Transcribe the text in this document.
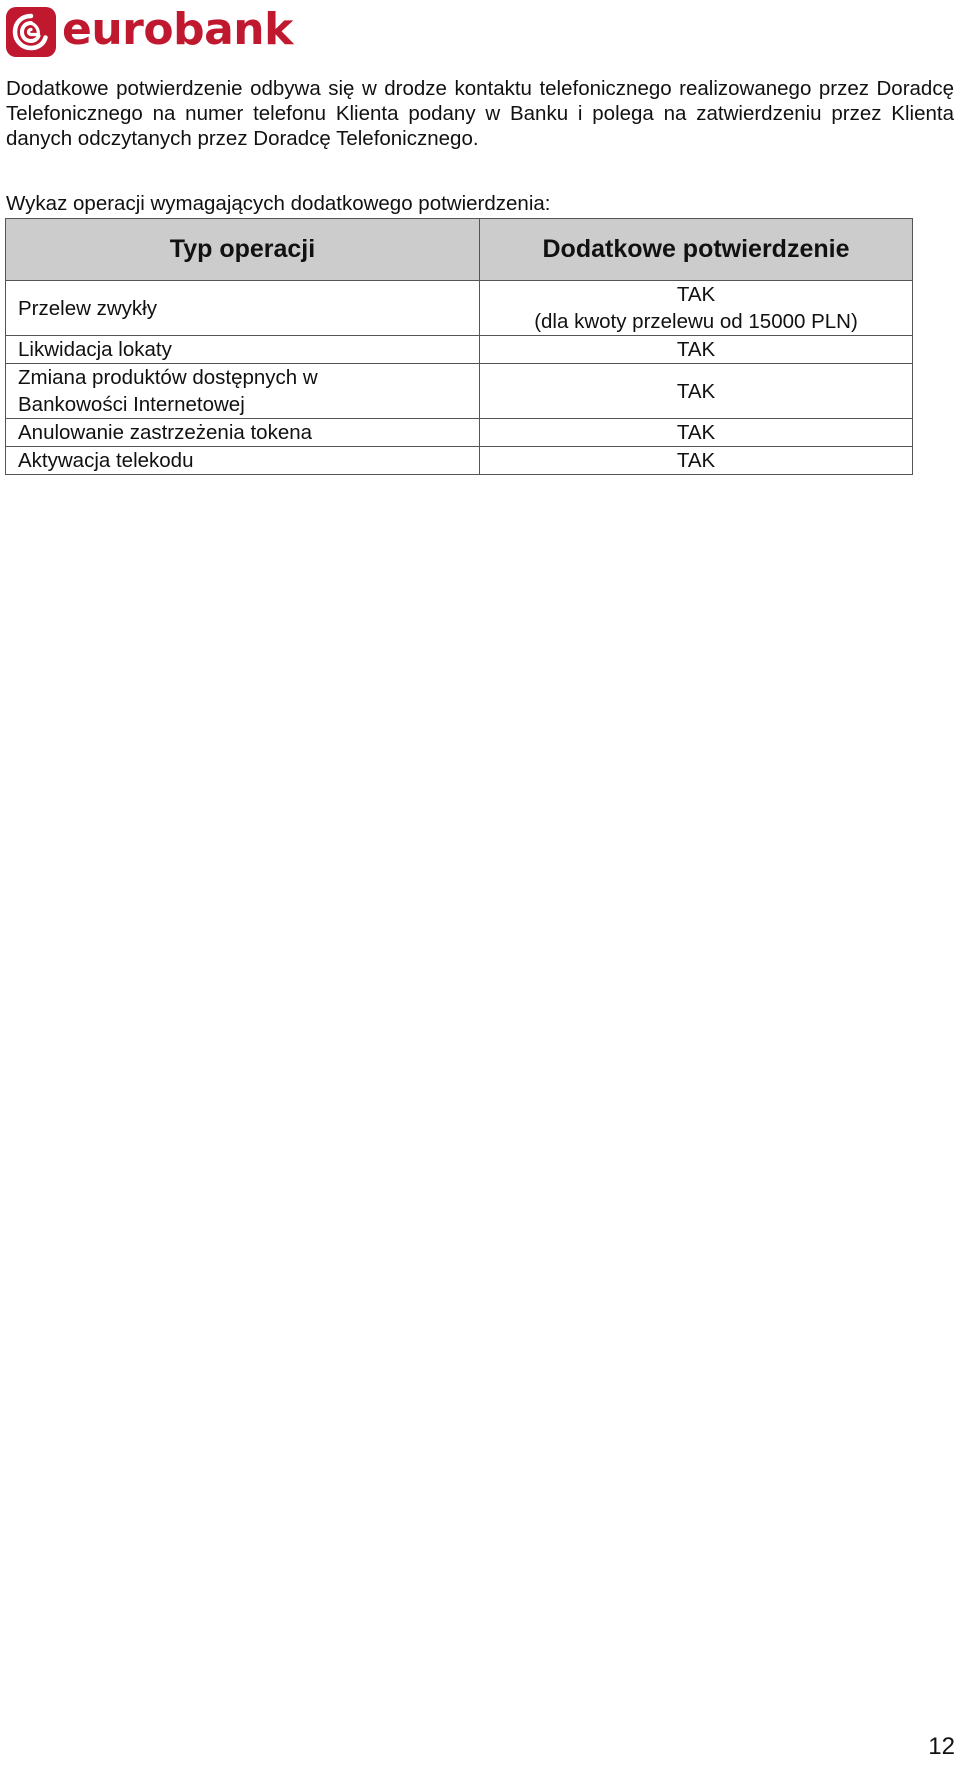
eurobank

Dodatkowe potwierdzenie odbywa się w drodze kontaktu telefonicznego realizowanego przez Doradcę Telefonicznego na numer telefonu Klienta podany w Banku i polega na zatwierdzeniu przez Klienta danych odczytanych przez Doradcę Telefonicznego.

Wykaz operacji wymagających dodatkowego potwierdzenia:

Typ operacji	Dodatkowe potwierdzenie
Przelew zwykły	TAK
(dla kwoty przelewu od 15000 PLN)

Likwidacja lokaty	TAK

Zmiana produktów dostępnych w
Bankowości Internetowej	TAK
Anulowanie zastrzeżenia tokena	TAK
Aktywacja telekodu	TAK
12
